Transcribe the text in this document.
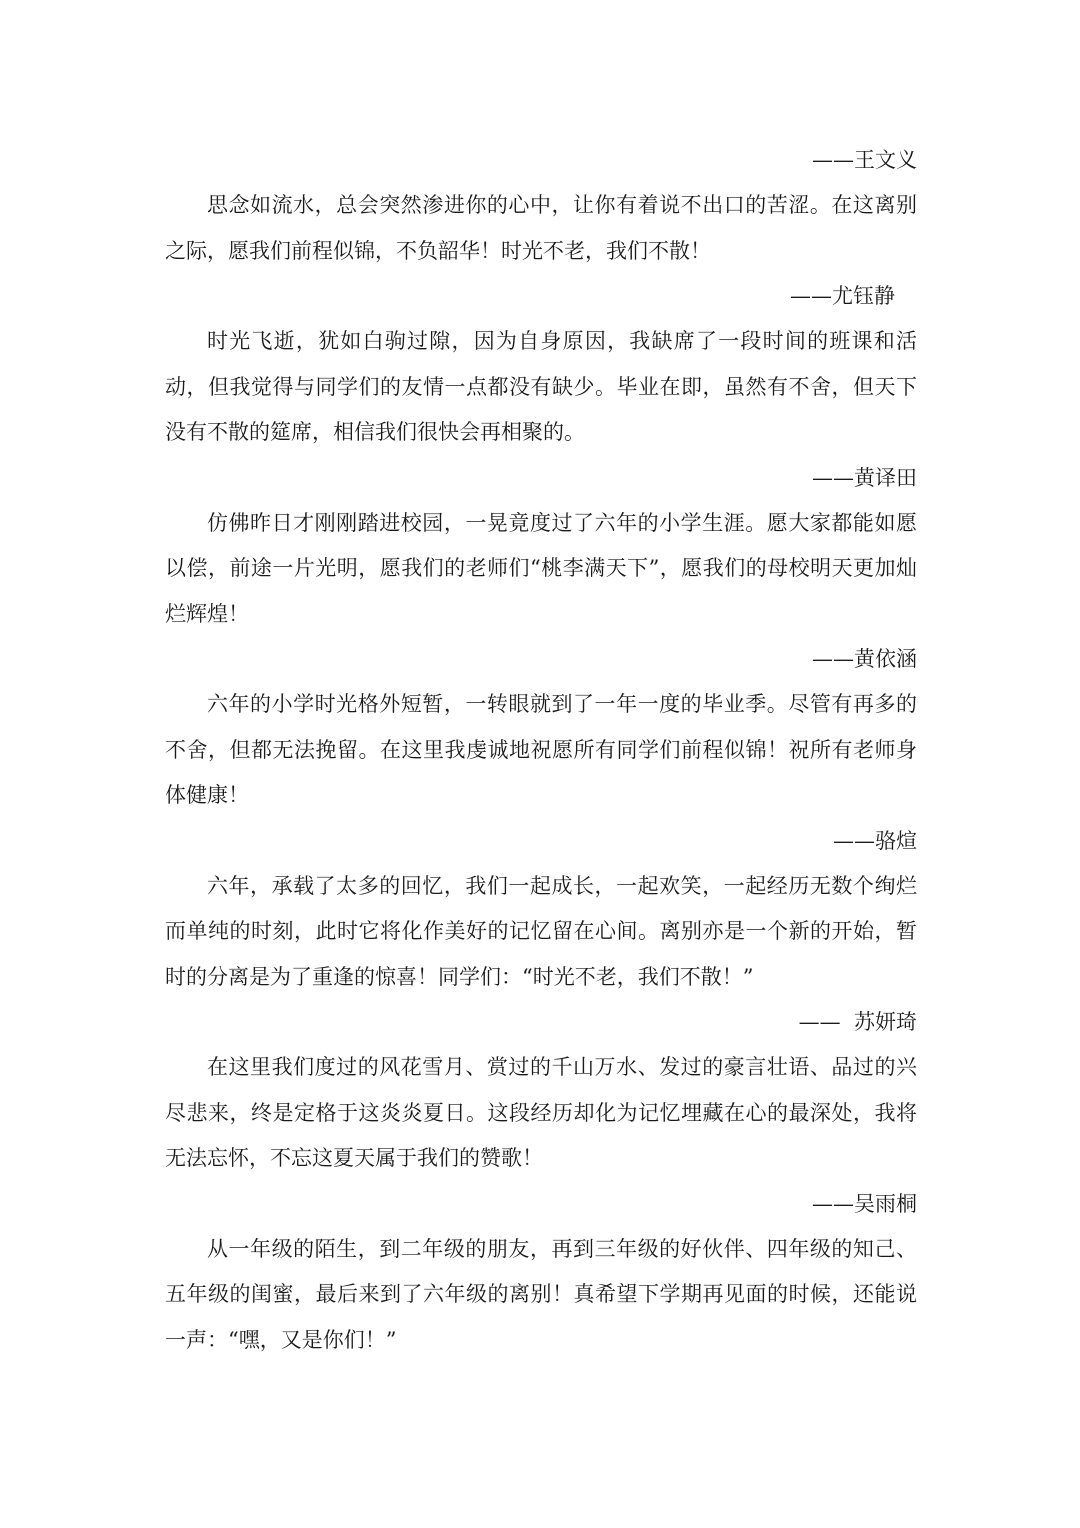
——王文义

思念如流水，总会突然渗进你的心中，让你有着说不出口的苦涩。在这离别之际，愿我们前程似锦，不负韶华！时光不老，我们不散！

——尤钰静

时光飞逝，犹如白驹过隙，因为自身原因，我缺席了一段时间的班课和活动，但我觉得与同学们的友情一点都没有缺少。毕业在即，虽然有不舍，但天下没有不散的筵席，相信我们很快会再相聚的。

——黄译田

仿佛昨日才刚刚踏进校园，一晃竟度过了六年的小学生涯。愿大家都能如愿以偿，前途一片光明，愿我们的老师们“桃李满天下”，愿我们的母校明天更加灿烂辉煌！

——黄依涵

六年的小学时光格外短暂，一转眼就到了一年一度的毕业季。尽管有再多的不舍，但都无法挽留。在这里我虔诚地祝愿所有同学们前程似锦！祝所有老师身体健康！

——骆煊

六年，承载了太多的回忆，我们一起成长，一起欢笑，一起经历无数个绚烂而单纯的时刻，此时它将化作美好的记忆留在心间。离别亦是一个新的开始，暂时的分离是为了重逢的惊喜！同学们：“时光不老，我们不散！”

——  苏妍琦

在这里我们度过的风花雪月、赏过的千山万水、发过的豪言壮语、品过的兴尽悲来，终是定格于这炎炎夏日。这段经历却化为记忆埋藏在心的最深处，我将无法忘怀，不忘这夏天属于我们的赞歌！

——吴雨桐

从一年级的陌生，到二年级的朋友，再到三年级的好伙伴、四年级的知己、五年级的闺蜜，最后来到了六年级的离别！真希望下学期再见面的时候，还能说一声：“嘿，又是你们！”
